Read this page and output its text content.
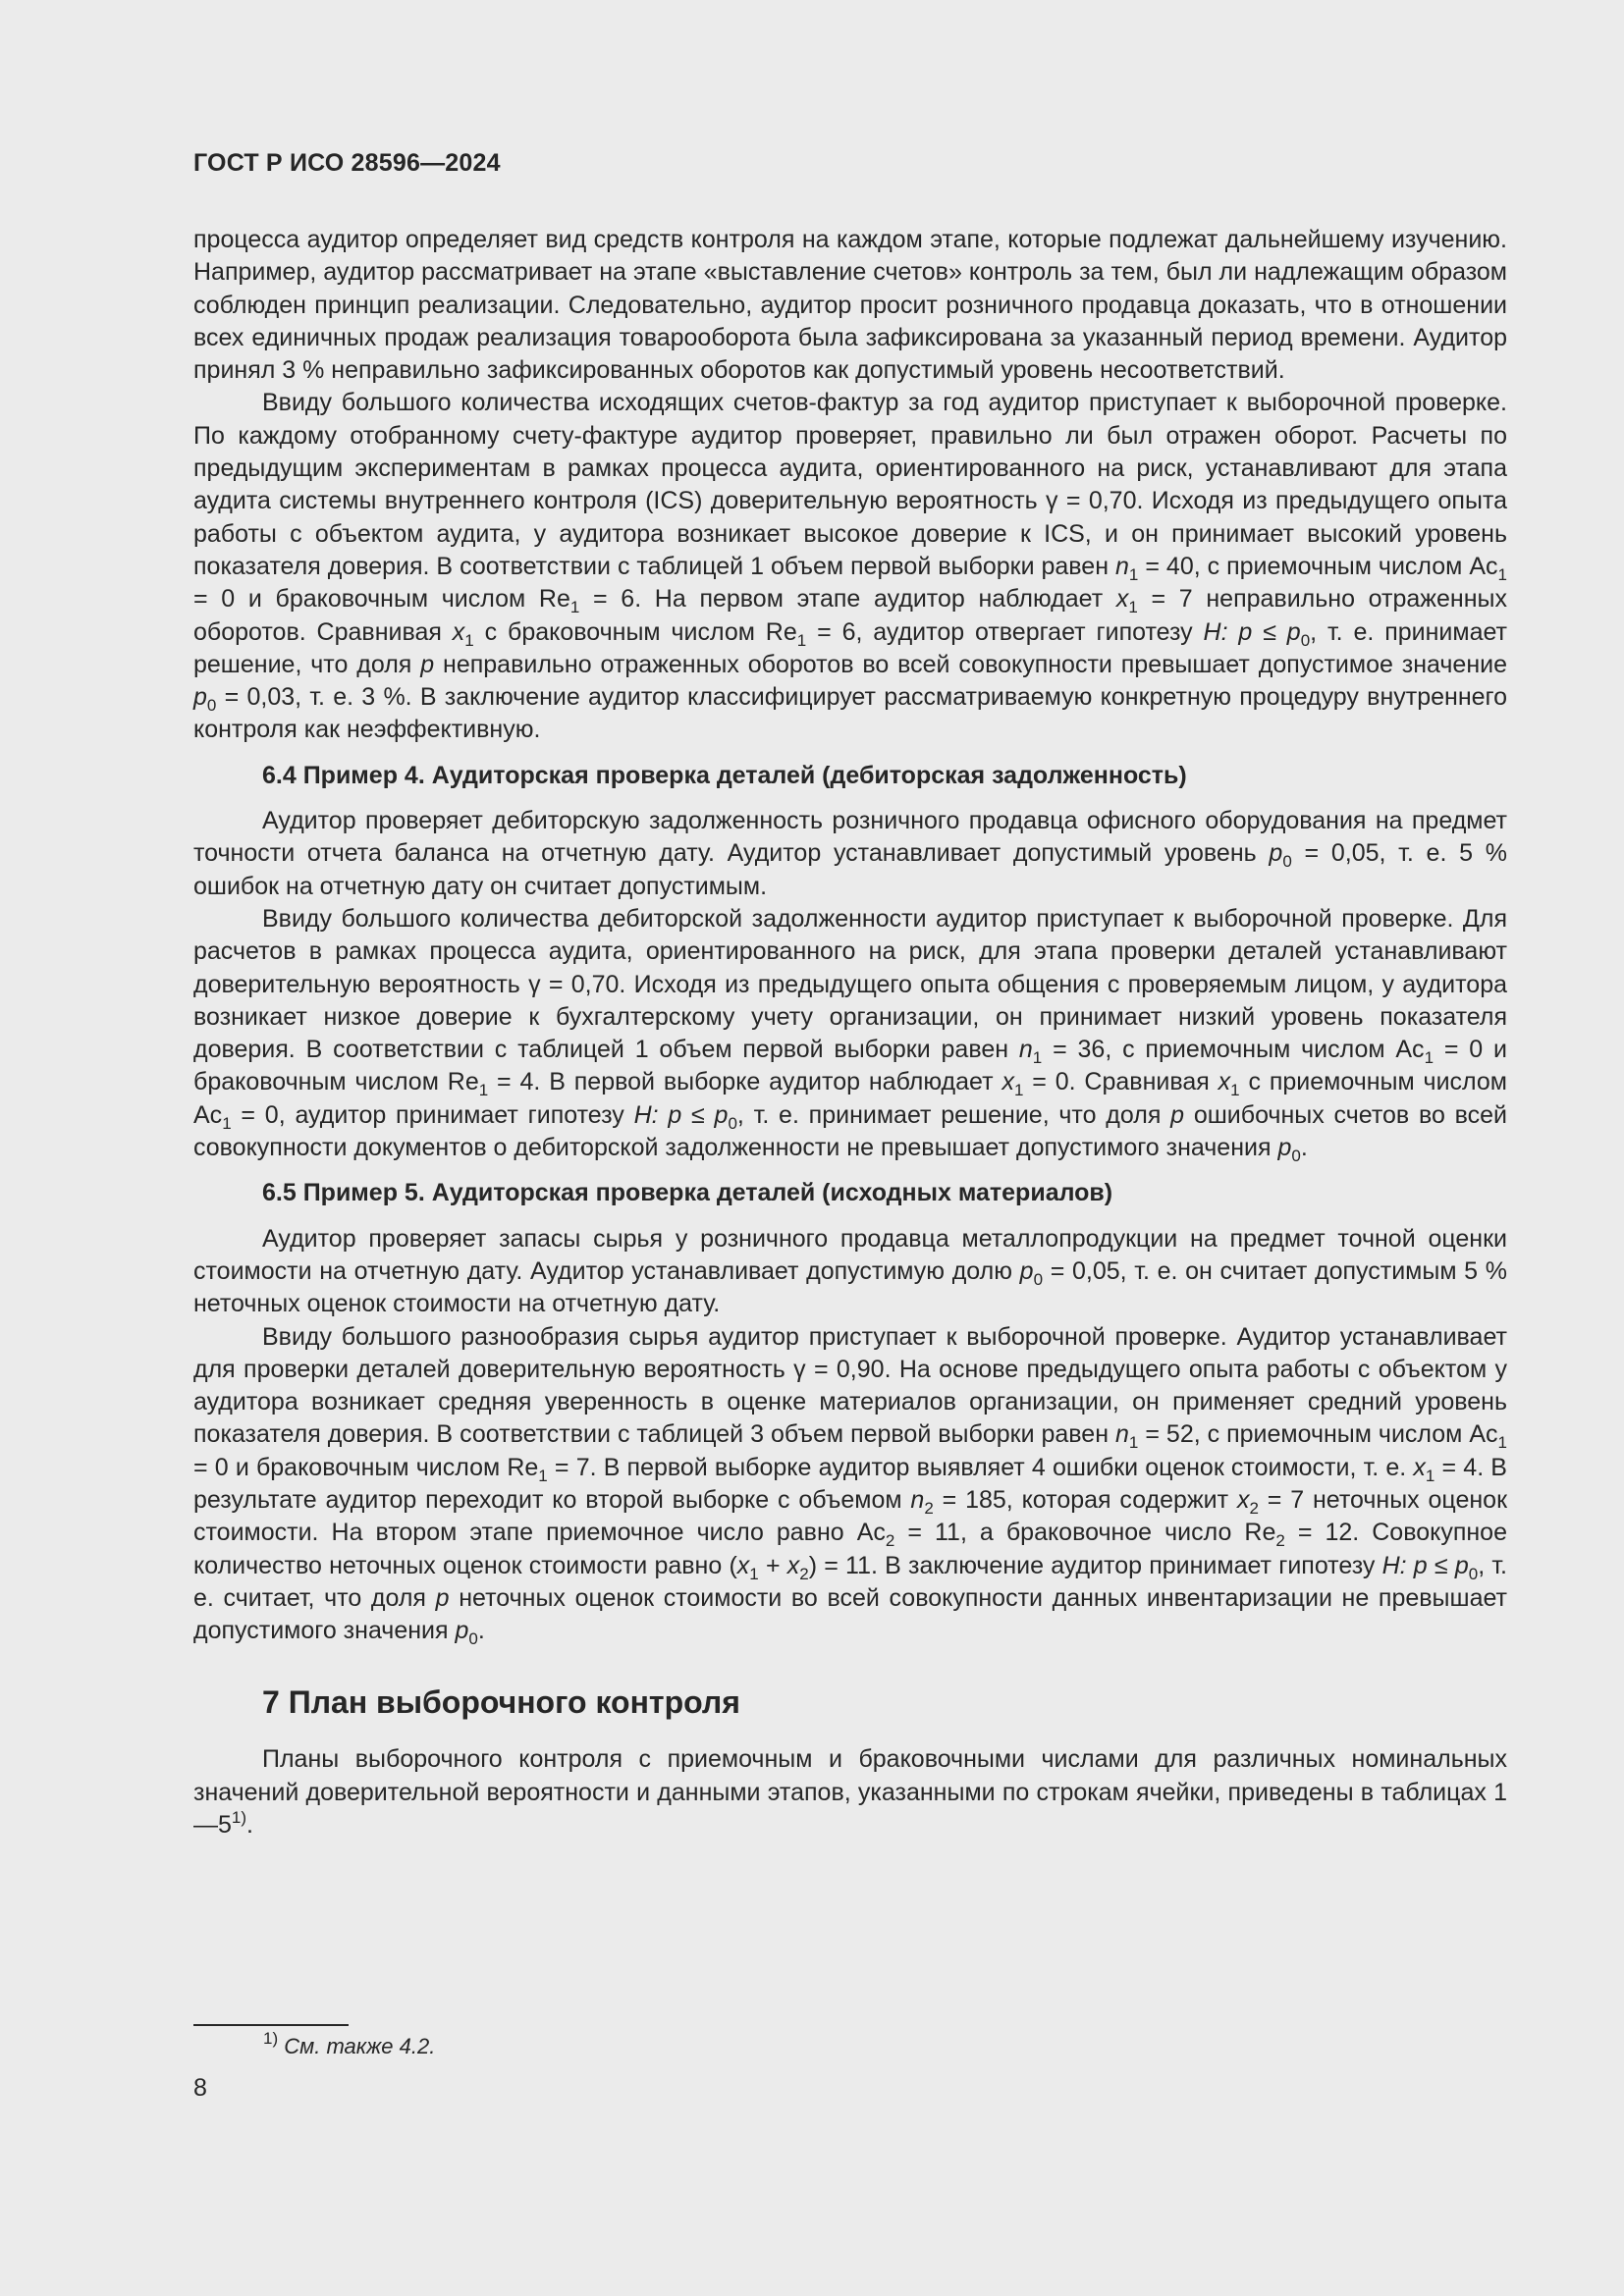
ГОСТ Р ИСО 28596—2024

процесса аудитор определяет вид средств контроля на каждом этапе, которые подлежат дальнейшему изучению. Например, аудитор рассматривает на этапе «выставление счетов» контроль за тем, был ли надлежащим образом соблюден принцип реализации. Следовательно, аудитор просит розничного продавца доказать, что в отношении всех единичных продаж реализация товарооборота была зафиксирована за указанный период времени. Аудитор принял 3 % неправильно зафиксированных оборотов как допустимый уровень несоответствий.

Ввиду большого количества исходящих счетов-фактур за год аудитор приступает к выборочной проверке. По каждому отобранному счету-фактуре аудитор проверяет, правильно ли был отражен оборот. Расчеты по предыдущим экспериментам в рамках процесса аудита, ориентированного на риск, устанавливают для этапа аудита системы внутреннего контроля (ICS) доверительную вероятность γ = 0,70. Исходя из предыдущего опыта работы с объектом аудита, у аудитора возникает высокое доверие к ICS, и он принимает высокий уровень показателя доверия. В соответствии с таблицей 1 объем первой выборки равен $n_1 = 40$, с приемочным числом $Ac_1 = 0$ и браковочным числом $Re_1 = 6$. На первом этапе аудитор наблюдает $x_1 = 7$ неправильно отраженных оборотов. Сравнивая $x_1$ с браковочным числом $Re_1 = 6$, аудитор отвергает гипотезу H: $p \le p_0$, т. е. принимает решение, что доля p неправильно отраженных оборотов во всей совокупности превышает допустимое значение $p_0 = 0,03$, т. е. 3 %. В заключение аудитор классифицирует рассматриваемую конкретную процедуру внутреннего контроля как неэффективную.

6.4 Пример 4. Аудиторская проверка деталей (дебиторская задолженность)

Аудитор проверяет дебиторскую задолженность розничного продавца офисного оборудования на предмет точности отчета баланса на отчетную дату. Аудитор устанавливает допустимый уровень $p_0 = 0,05$, т. е. 5 % ошибок на отчетную дату он считает допустимым.

Ввиду большого количества дебиторской задолженности аудитор приступает к выборочной проверке. Для расчетов в рамках процесса аудита, ориентированного на риск, для этапа проверки деталей устанавливают доверительную вероятность γ = 0,70. Исходя из предыдущего опыта общения с проверяемым лицом, у аудитора возникает низкое доверие к бухгалтерскому учету организации, он принимает низкий уровень показателя доверия. В соответствии с таблицей 1 объем первой выборки равен $n_1 = 36$, с приемочным числом $Ac_1 = 0$ и браковочным числом $Re_1 = 4$. В первой выборке аудитор наблюдает $x_1 = 0$. Сравнивая $x_1$ с приемочным числом $Ac_1 = 0$, аудитор принимает гипотезу H: $p \le p_0$, т. е. принимает решение, что доля p ошибочных счетов во всей совокупности документов о дебиторской задолженности не превышает допустимого значения $p_0$.

6.5 Пример 5. Аудиторская проверка деталей (исходных материалов)

Аудитор проверяет запасы сырья у розничного продавца металлопродукции на предмет точной оценки стоимости на отчетную дату. Аудитор устанавливает допустимую долю $p_0 = 0,05$, т. е. он считает допустимым 5 % неточных оценок стоимости на отчетную дату.

Ввиду большого разнообразия сырья аудитор приступает к выборочной проверке. Аудитор устанавливает для проверки деталей доверительную вероятность γ = 0,90. На основе предыдущего опыта работы с объектом у аудитора возникает средняя уверенность в оценке материалов организации, он применяет средний уровень показателя доверия. В соответствии с таблицей 3 объем первой выборки равен $n_1 = 52$, с приемочным числом $Ac_1 = 0$ и браковочным числом $Re_1 = 7$. В первой выборке аудитор выявляет 4 ошибки оценок стоимости, т. е. $x_1 = 4$. В результате аудитор переходит ко второй выборке с объемом $n_2 = 185$, которая содержит $x_2 = 7$ неточных оценок стоимости. На втором этапе приемочное число равно $Ac_2 = 11$, а браковочное число $Re_2 = 12$. Совокупное количество неточных оценок стоимости равно $(x_1 + x_2) = 11$. В заключение аудитор принимает гипотезу H: $p \le p_0$, т. е. считает, что доля p неточных оценок стоимости во всей совокупности данных инвентаризации не превышает допустимого значения $p_0$.

7 План выборочного контроля

Планы выборочного контроля с приемочным и браковочными числами для различных номинальных значений доверительной вероятности и данными этапов, указанными по строкам ячейки, приведены в таблицах 1—5$^{1)}$.

$^{1)}$ См. также 4.2.
8
